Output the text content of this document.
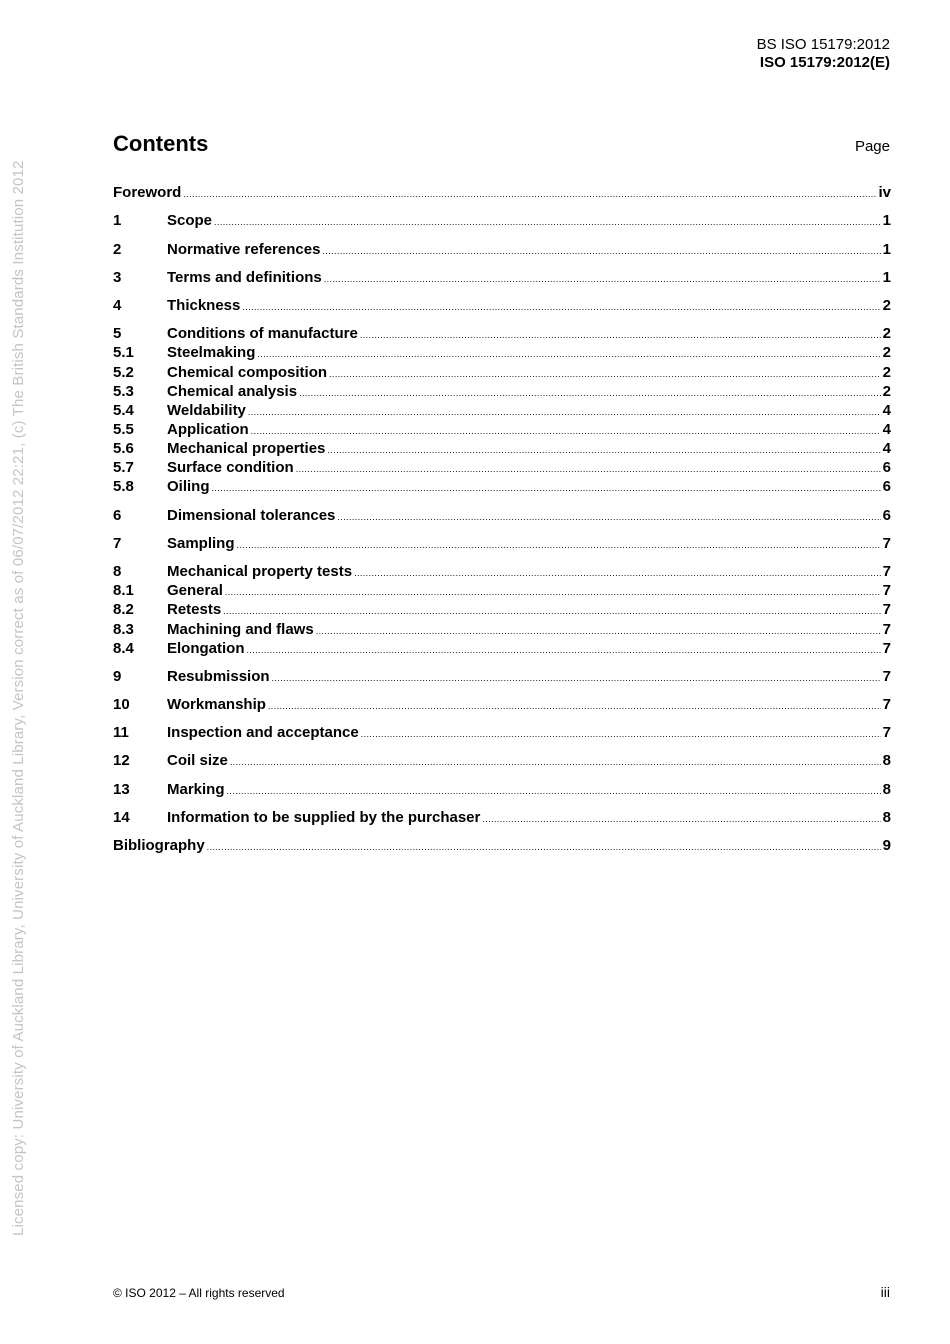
BS ISO 15179:2012
ISO 15179:2012(E)
Licensed copy: University of Auckland Library, University of Auckland Library, Version correct as of 06/07/2012 22:21, (c) The British Standards Institution 2012
Contents	Page
Foreword .....	iv
1	Scope .....	1
2	Normative references .....	1
3	Terms and definitions .....	1
4	Thickness .....	2
5	Conditions of manufacture .....	2
5.1	Steelmaking .....	2
5.2	Chemical composition .....	2
5.3	Chemical analysis .....	2
5.4	Weldability .....	4
5.5	Application .....	4
5.6	Mechanical properties .....	4
5.7	Surface condition .....	6
5.8	Oiling .....	6
6	Dimensional tolerances .....	6
7	Sampling .....	7
8	Mechanical property tests .....	7
8.1	General .....	7
8.2	Retests .....	7
8.3	Machining and flaws .....	7
8.4	Elongation .....	7
9	Resubmission .....	7
10	Workmanship .....	7
11	Inspection and acceptance .....	7
12	Coil size .....	8
13	Marking .....	8
14	Information to be supplied by the purchaser .....	8
Bibliography .....	9
© ISO 2012 – All rights reserved	iii
